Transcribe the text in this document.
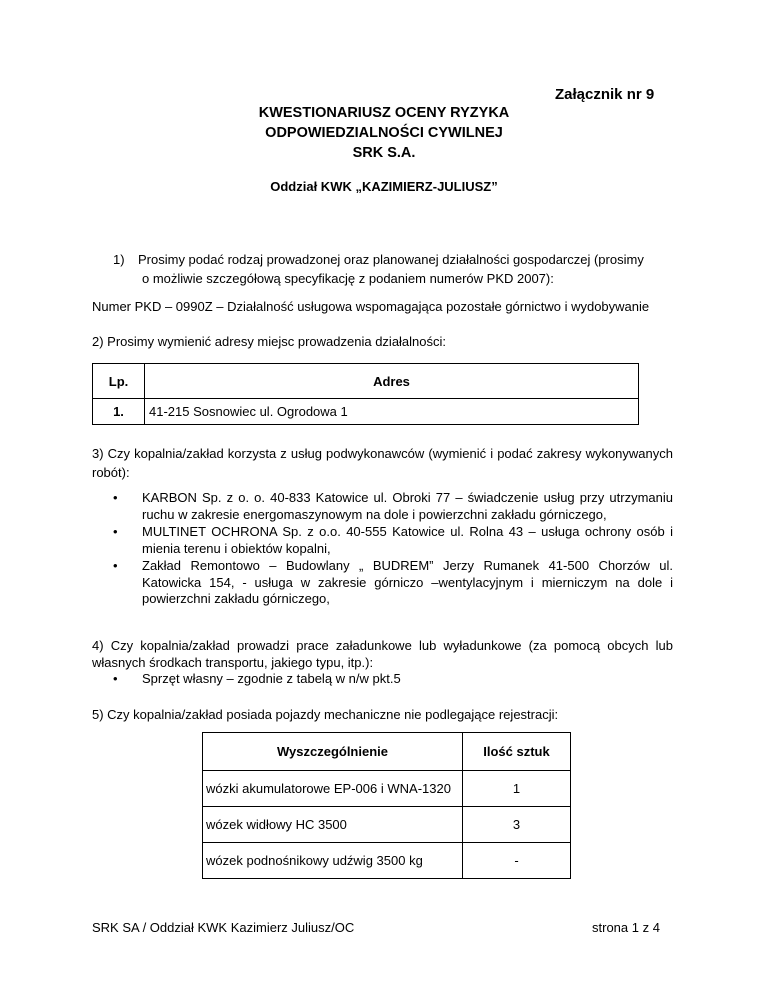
Załącznik nr 9
KWESTIONARIUSZ OCENY RYZYKA
ODPOWIEDZIALNOŚCI CYWILNEJ
SRK S.A.
Oddział KWK „KAZIMIERZ-JULIUSZ”
1)	Prosimy podać rodzaj prowadzonej oraz planowanej działalności gospodarczej (prosimy
o możliwie szczegółową specyfikację z podaniem numerów PKD 2007):
Numer PKD – 0990Z – Działalność usługowa wspomagająca pozostałe górnictwo i wydobywanie
2) Prosimy wymienić adresy miejsc prowadzenia działalności:
Lp.	Adres
1.	41-215 Sosnowiec ul. Ogrodowa 1
3) Czy kopalnia/zakład korzysta z usług podwykonawców (wymienić i podać zakresy wykonywanych robót):
• KARBON Sp. z o. o. 40-833 Katowice ul. Obroki 77 – świadczenie usług przy utrzymaniu ruchu w zakresie energomaszynowym na dole i powierzchni zakładu górniczego,
• MULTINET OCHRONA Sp. z o.o. 40-555 Katowice ul. Rolna 43 – usługa ochrony osób i mienia terenu i obiektów kopalni,
• Zakład Remontowo – Budowlany „ BUDREM” Jerzy Rumanek 41-500 Chorzów ul. Katowicka 154, - usługa w zakresie górniczo –wentylacyjnym i mierniczym na dole i powierzchni zakładu górniczego,
4) Czy kopalnia/zakład prowadzi prace załadunkowe lub wyładunkowe (za pomocą obcych lub własnych środkach transportu, jakiego typu, itp.):
• Sprzęt własny – zgodnie z tabelą w n/w pkt.5
5) Czy kopalnia/zakład posiada pojazdy mechaniczne nie podlegające rejestracji:
Wyszczególnienie	Ilość sztuk
wózki akumulatorowe EP-006 i WNA-1320	1
wózek widłowy HC 3500	3
wózek podnośnikowy udźwig 3500 kg	-
SRK SA / Oddział KWK Kazimierz Juliusz/OC	strona 1 z 4
